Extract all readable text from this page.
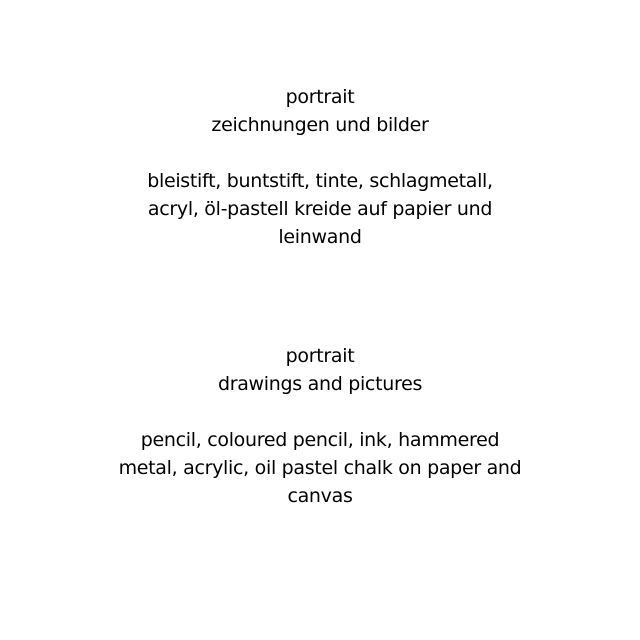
portrait
zeichnungen und bilder
bleistift, buntstift, tinte, schlagmetall,
acryl, öl-pastell kreide auf papier und
leinwand
portrait
drawings and pictures
pencil, coloured pencil, ink, hammered
metal, acrylic, oil pastel chalk on paper and
canvas
